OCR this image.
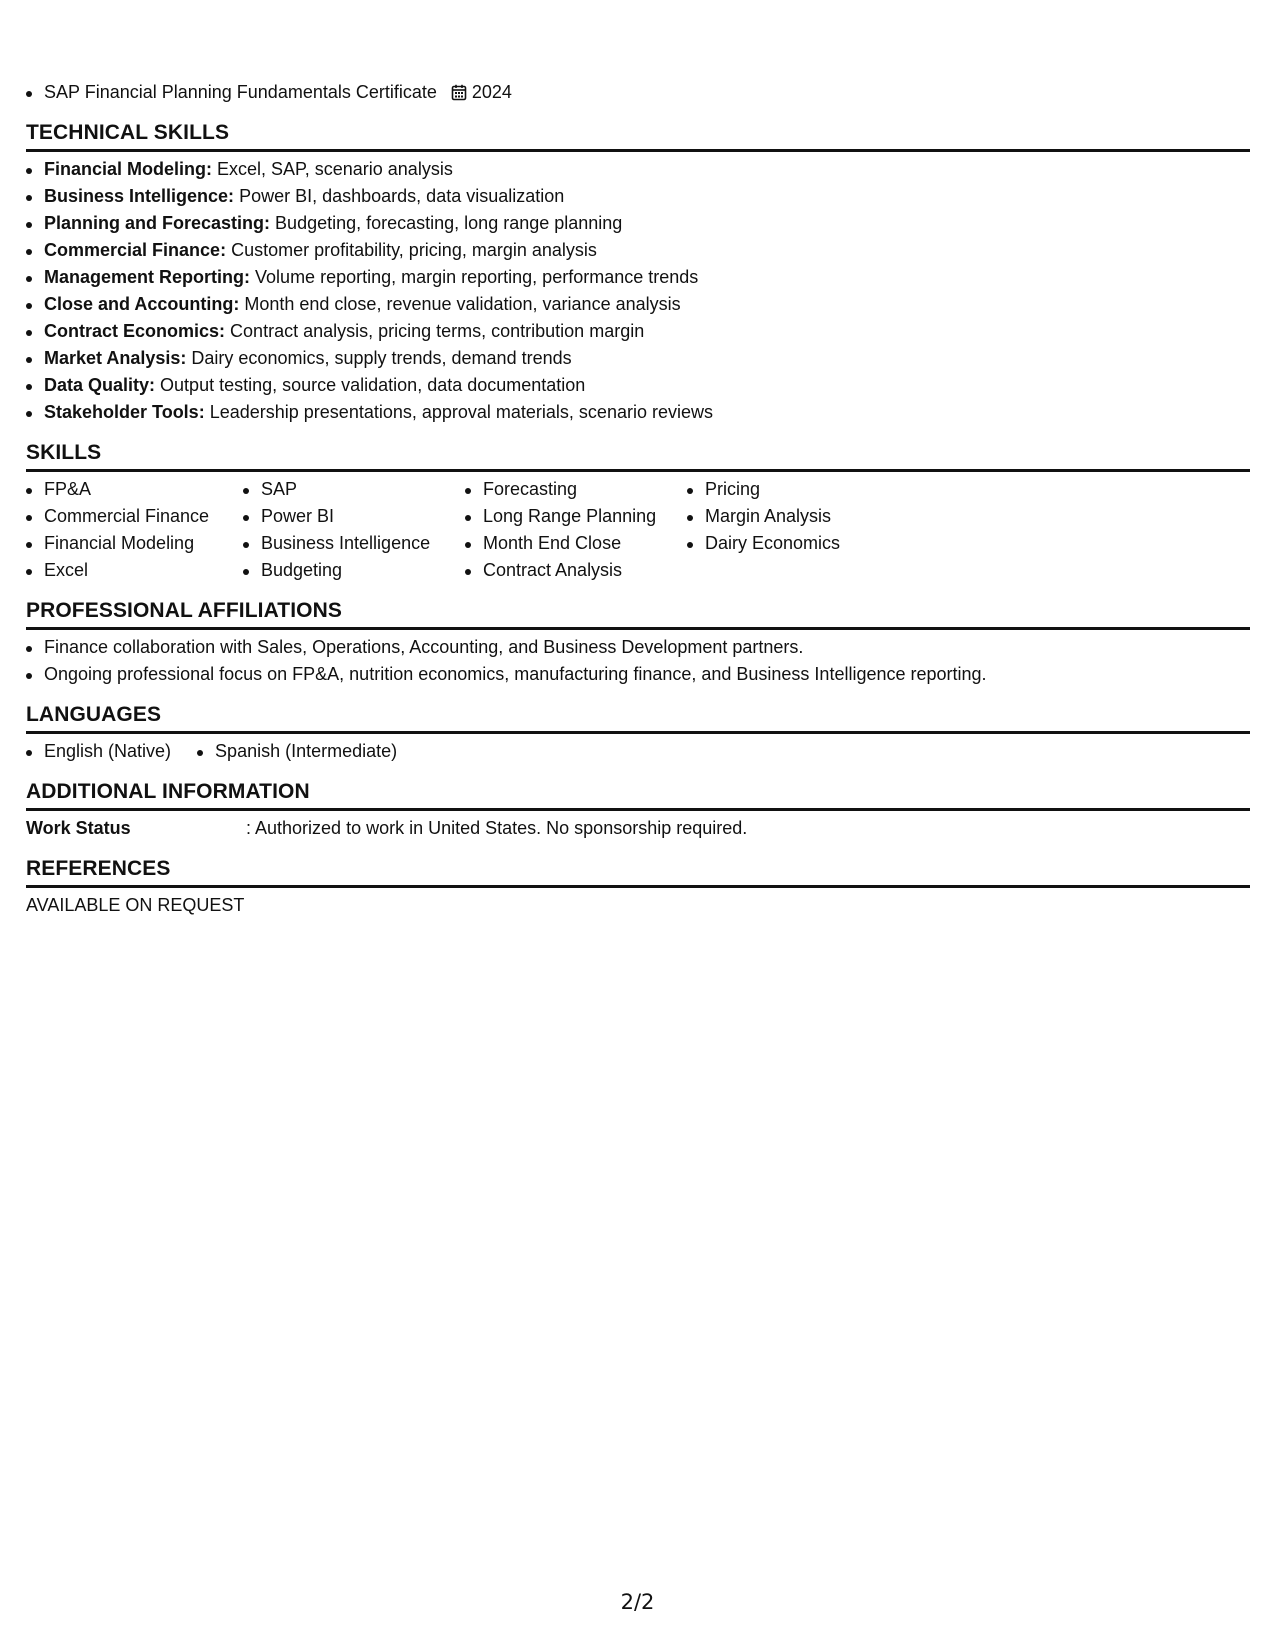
SAP Financial Planning Fundamentals Certificate 2024
TECHNICAL SKILLS
Financial Modeling: Excel, SAP, scenario analysis
Business Intelligence: Power BI, dashboards, data visualization
Planning and Forecasting: Budgeting, forecasting, long range planning
Commercial Finance: Customer profitability, pricing, margin analysis
Management Reporting: Volume reporting, margin reporting, performance trends
Close and Accounting: Month end close, revenue validation, variance analysis
Contract Economics: Contract analysis, pricing terms, contribution margin
Market Analysis: Dairy economics, supply trends, demand trends
Data Quality: Output testing, source validation, data documentation
Stakeholder Tools: Leadership presentations, approval materials, scenario reviews
SKILLS
FP&A
Commercial Finance
Financial Modeling
Excel
SAP
Power BI
Business Intelligence
Budgeting
Forecasting
Long Range Planning
Month End Close
Contract Analysis
Pricing
Margin Analysis
Dairy Economics
PROFESSIONAL AFFILIATIONS
Finance collaboration with Sales, Operations, Accounting, and Business Development partners.
Ongoing professional focus on FP&A, nutrition economics, manufacturing finance, and Business Intelligence reporting.
LANGUAGES
English (Native)	Spanish (Intermediate)
ADDITIONAL INFORMATION
Work Status	: Authorized to work in United States. No sponsorship required.
REFERENCES
AVAILABLE ON REQUEST
2/2
